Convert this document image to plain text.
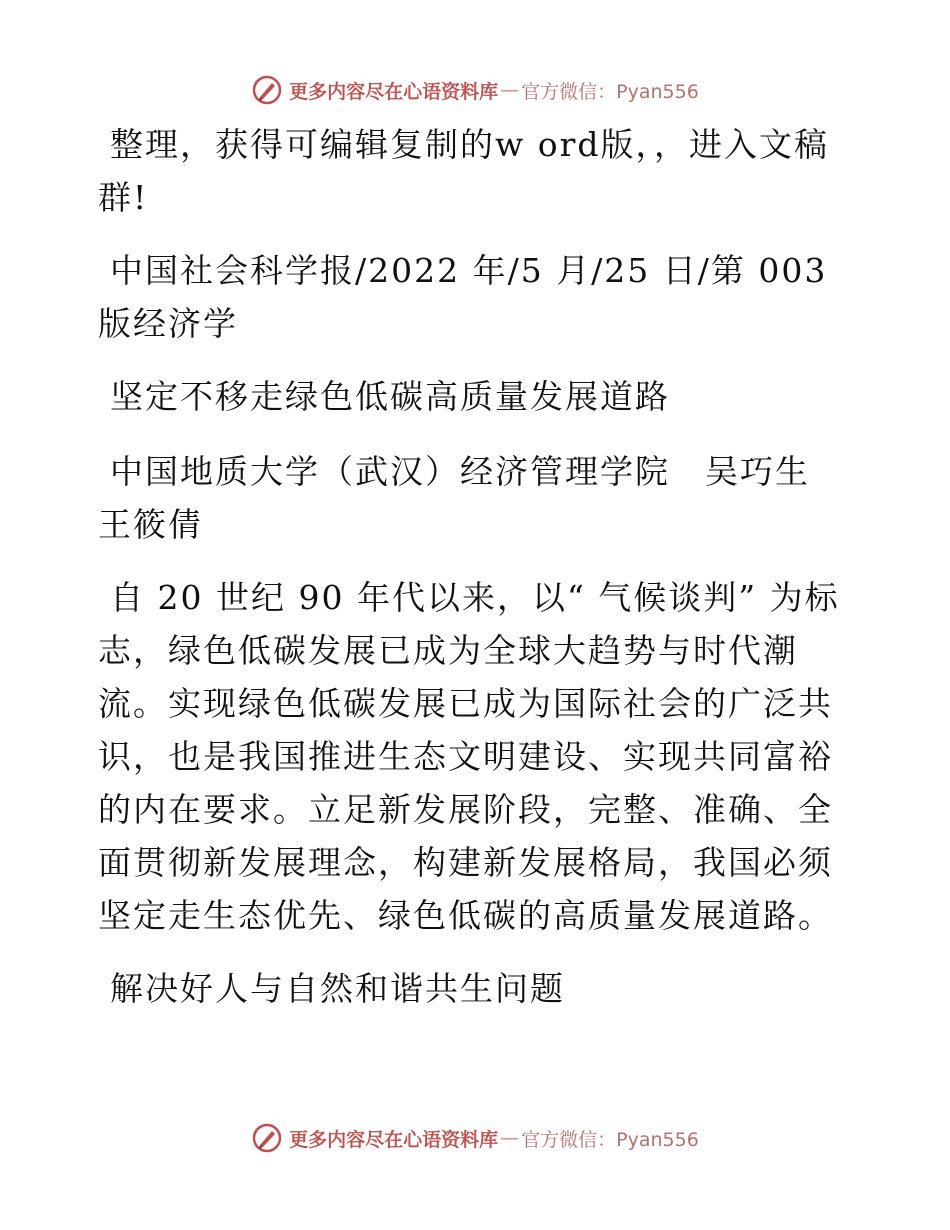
更多内容尽在心语资料库 — 官方微信：Pyan556

整理，获得可编辑复制的w ord版，，进入文稿群!

中国社会科学报/2022 年/5 月/25 日/第 003 版经济学

坚定不移走绿色低碳高质量发展道路

中国地质大学（武汉）经济管理学院　吴巧生　王筱倩

自 20 世纪 90 年代以来，以“ 气候谈判” 为标志，绿色低碳发展已成为全球大趋势与时代潮流。实现绿色低碳发展已成为国际社会的广泛共识，也是我国推进生态文明建设、实现共同富裕的内在要求。立足新发展阶段，完整、准确、全面贯彻新发展理念，构建新发展格局，我国必须坚定走生态优先、绿色低碳的高质量发展道路。

解决好人与自然和谐共生问题

更多内容尽在心语资料库 — 官方微信：Pyan556
